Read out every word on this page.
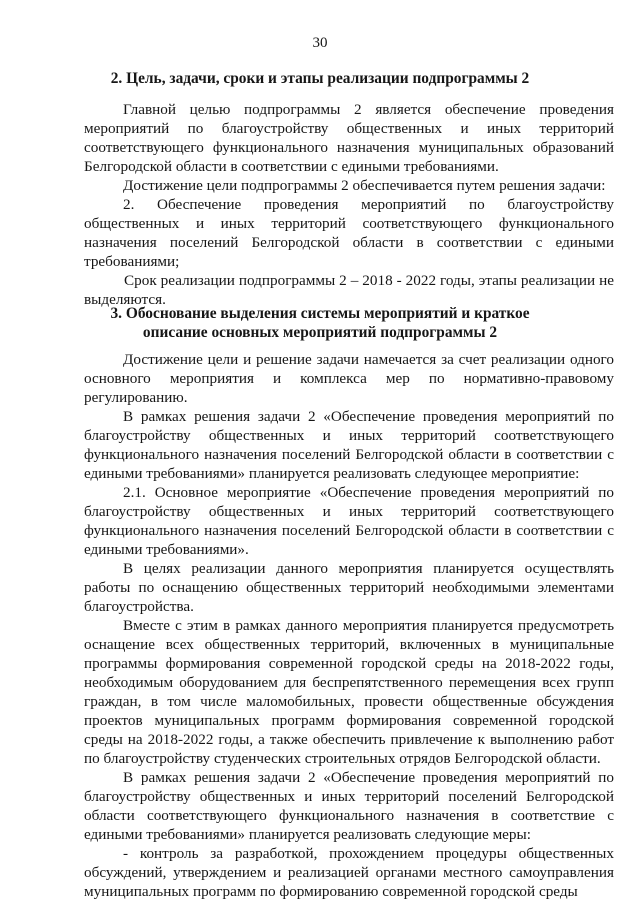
30
2. Цель, задачи, сроки и этапы реализации подпрограммы 2

Главной целью подпрограммы 2 является обеспечение проведения мероприятий по благоустройству общественных и иных территорий соответствующего функционального назначения муниципальных образований Белгородской области в соответствии с едиными требованиями.

Достижение цели подпрограммы 2 обеспечивается путем решения задачи:

2. Обеспечение проведения мероприятий по благоустройству общественных и иных территорий соответствующего функционального назначения поселений Белгородской области в соответствии с едиными требованиями;

Срок реализации подпрограммы 2 – 2018 - 2022 годы, этапы реализации не выделяются.

3. Обоснование выделения системы мероприятий и краткое описание основных мероприятий подпрограммы 2

Достижение цели и решение задачи намечается за счет реализации одного основного мероприятия и комплекса мер по нормативно-правовому регулированию.

В рамках решения задачи 2 «Обеспечение проведения мероприятий по благоустройству общественных и иных территорий соответствующего функционального назначения поселений Белгородской области в соответствии с едиными требованиями» планируется реализовать следующее мероприятие:

2.1. Основное мероприятие «Обеспечение проведения мероприятий по благоустройству общественных и иных территорий соответствующего функционального назначения поселений Белгородской области в соответствии с едиными требованиями».

В целях реализации данного мероприятия планируется осуществлять работы по оснащению общественных территорий необходимыми элементами благоустройства.

Вместе с этим в рамках данного мероприятия планируется предусмотреть оснащение всех общественных территорий, включенных в муниципальные программы формирования современной городской среды на 2018-2022 годы, необходимым оборудованием для беспрепятственного перемещения всех групп граждан, в том числе маломобильных, провести общественные обсуждения проектов муниципальных программ формирования современной городской среды на 2018-2022 годы, а также обеспечить привлечение к выполнению работ по благоустройству студенческих строительных отрядов Белгородской области.

В рамках решения задачи 2 «Обеспечение проведения мероприятий по благоустройству общественных и иных территорий поселений Белгородской области соответствующего функционального назначения в соответствие с едиными требованиями» планируется реализовать следующие меры:

- контроль за разработкой, прохождением процедуры общественных обсуждений, утверждением и реализацией органами местного самоуправления муниципальных программ по формированию современной городской среды
